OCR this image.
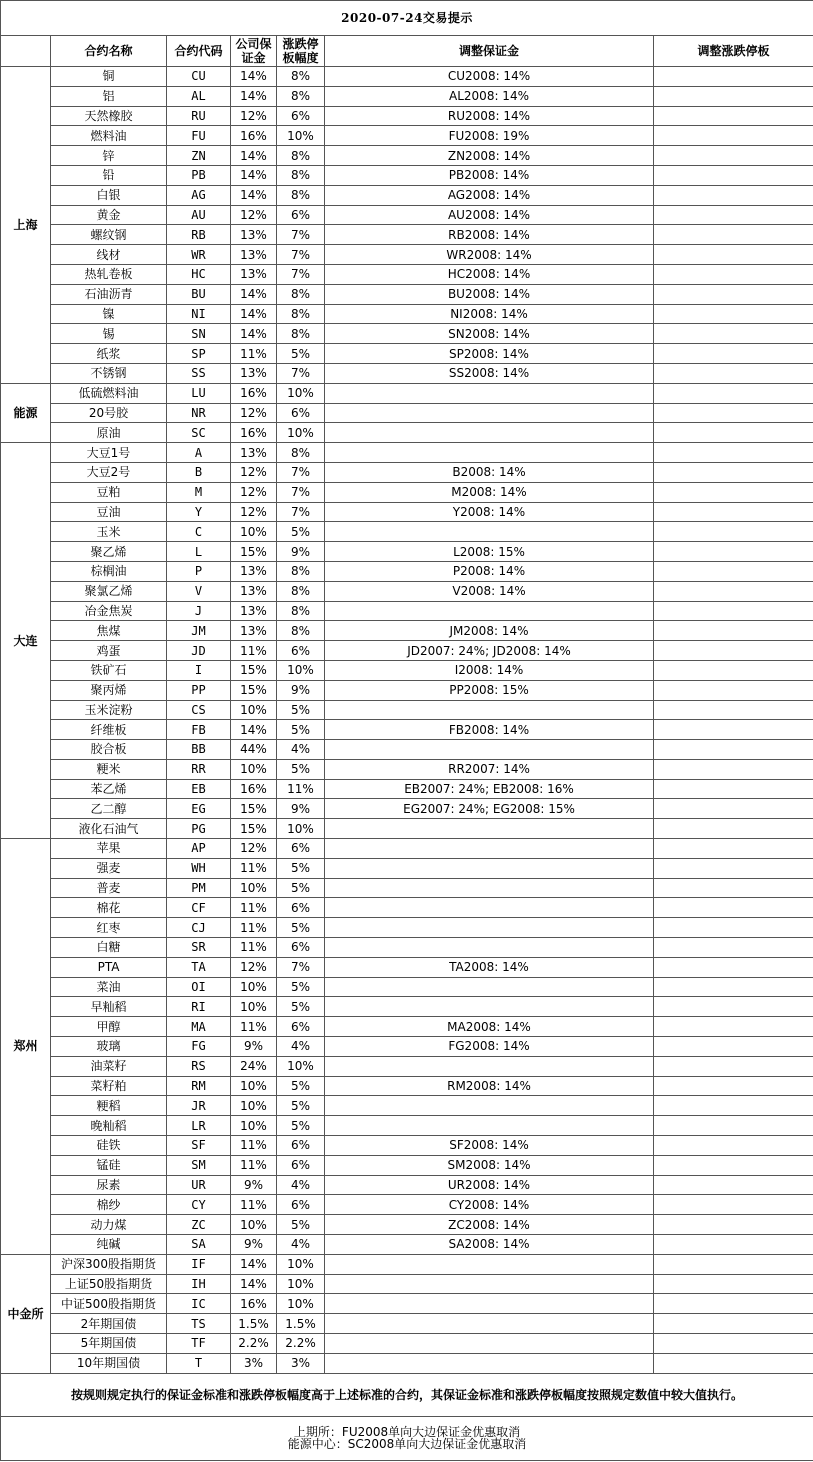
2020-07-24交易提示						
	合约名称	合约代码	公司保证金	涨跌停板幅度	调整保证金	调整涨跌停板
上海	铜	CU	14%	8%	CU2008: 14%	
	铝	AL	14%	8%	AL2008: 14%	
	天然橡胶	RU	12%	6%	RU2008: 14%	
	燃料油	FU	16%	10%	FU2008: 19%	
	锌	ZN	14%	8%	ZN2008: 14%	
	铅	PB	14%	8%	PB2008: 14%	
	白银	AG	14%	8%	AG2008: 14%	
	黄金	AU	12%	6%	AU2008: 14%	
	螺纹钢	RB	13%	7%	RB2008: 14%	
	线材	WR	13%	7%	WR2008: 14%	
	热轧卷板	HC	13%	7%	HC2008: 14%	
	石油沥青	BU	14%	8%	BU2008: 14%	
	镍	NI	14%	8%	NI2008: 14%	
	锡	SN	14%	8%	SN2008: 14%	
	纸浆	SP	11%	5%	SP2008: 14%	
	不锈钢	SS	13%	7%	SS2008: 14%	
能源	低硫燃料油	LU	16%	10%		
	20号胶	NR	12%	6%		
	原油	SC	16%	10%		
大连	大豆1号	A	13%	8%		
	大豆2号	B	12%	7%	B2008: 14%	
	豆粕	M	12%	7%	M2008: 14%	
	豆油	Y	12%	7%	Y2008: 14%	
	玉米	C	10%	5%		
	聚乙烯	L	15%	9%	L2008: 15%	
	棕榈油	P	13%	8%	P2008: 14%	
	聚氯乙烯	V	13%	8%	V2008: 14%	
	冶金焦炭	J	13%	8%		
	焦煤	JM	13%	8%	JM2008: 14%	
	鸡蛋	JD	11%	6%	JD2007: 24%; JD2008: 14%	
	铁矿石	I	15%	10%	I2008: 14%	
	聚丙烯	PP	15%	9%	PP2008: 15%	
	玉米淀粉	CS	10%	5%		
	纤维板	FB	14%	5%	FB2008: 14%	
	胶合板	BB	44%	4%		
	粳米	RR	10%	5%	RR2007: 14%	
	苯乙烯	EB	16%	11%	EB2007: 24%; EB2008: 16%	
	乙二醇	EG	15%	9%	EG2007: 24%; EG2008: 15%	
	液化石油气	PG	15%	10%		
郑州	苹果	AP	12%	6%		
	强麦	WH	11%	5%		
	普麦	PM	10%	5%		
	棉花	CF	11%	6%		
	红枣	CJ	11%	5%		
	白糖	SR	11%	6%		
	PTA	TA	12%	7%	TA2008: 14%	
	菜油	OI	10%	5%		
	早籼稻	RI	10%	5%		
	甲醇	MA	11%	6%	MA2008: 14%	
	玻璃	FG	9%	4%	FG2008: 14%	
	油菜籽	RS	24%	10%		
	菜籽粕	RM	10%	5%	RM2008: 14%	
	粳稻	JR	10%	5%		
	晚籼稻	LR	10%	5%		
	硅铁	SF	11%	6%	SF2008: 14%	
	锰硅	SM	11%	6%	SM2008: 14%	
	尿素	UR	9%	4%	UR2008: 14%	
	棉纱	CY	11%	6%	CY2008: 14%	
	动力煤	ZC	10%	5%	ZC2008: 14%	
	纯碱	SA	9%	4%	SA2008: 14%	
中金所	沪深300股指期货	IF	14%	10%		
	上证50股指期货	IH	14%	10%		
	中证500股指期货	IC	16%	10%		
	2年期国债	TS	1.5%	1.5%		
	5年期国债	TF	2.2%	2.2%		
	10年期国债	T	3%	3%		
按规则规定执行的保证金标准和涨跌停板幅度高于上述标准的合约，其保证金标准和涨跌停板幅度按照规定数值中较大值执行。						

上期所：FU2008单向大边保证金优惠取消
能源中心：SC2008单向大边保证金优惠取消						
